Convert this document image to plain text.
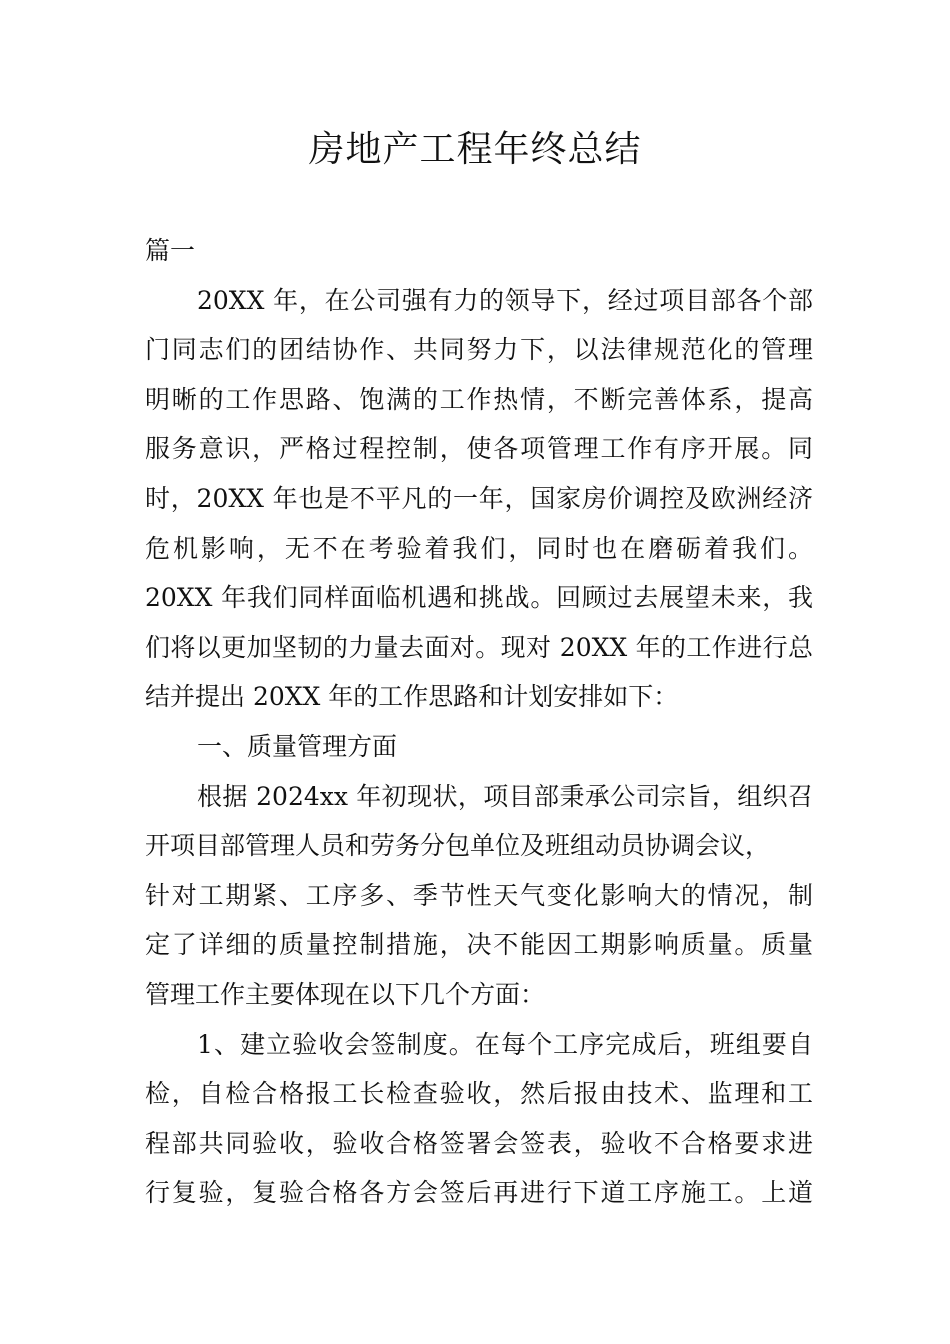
房地产工程年终总结
篇一
20XX 年，在公司强有力的领导下，经过项目部各个部
门同志们的团结协作、共同努力下，以法律规范化的管理
明晰的工作思路、饱满的工作热情，不断完善体系，提高
服务意识，严格过程控制，使各项管理工作有序开展。同
时，20XX 年也是不平凡的一年，国家房价调控及欧洲经济
危机影响，无不在考验着我们，同时也在磨砺着我们。
20XX 年我们同样面临机遇和挑战。回顾过去展望未来，我
们将以更加坚韧的力量去面对。现对 20XX 年的工作进行总
结并提出 20XX 年的工作思路和计划安排如下：
一、质量管理方面
根据 2024xx 年初现状，项目部秉承公司宗旨，组织召
开项目部管理人员和劳务分包单位及班组动员协调会议，
针对工期紧、工序多、季节性天气变化影响大的情况，制
定了详细的质量控制措施，决不能因工期影响质量。质量
管理工作主要体现在以下几个方面：
1、建立验收会签制度。在每个工序完成后，班组要自
检，自检合格报工长检查验收，然后报由技术、监理和工
程部共同验收，验收合格签署会签表，验收不合格要求进
行复验，复验合格各方会签后再进行下道工序施工。上道
